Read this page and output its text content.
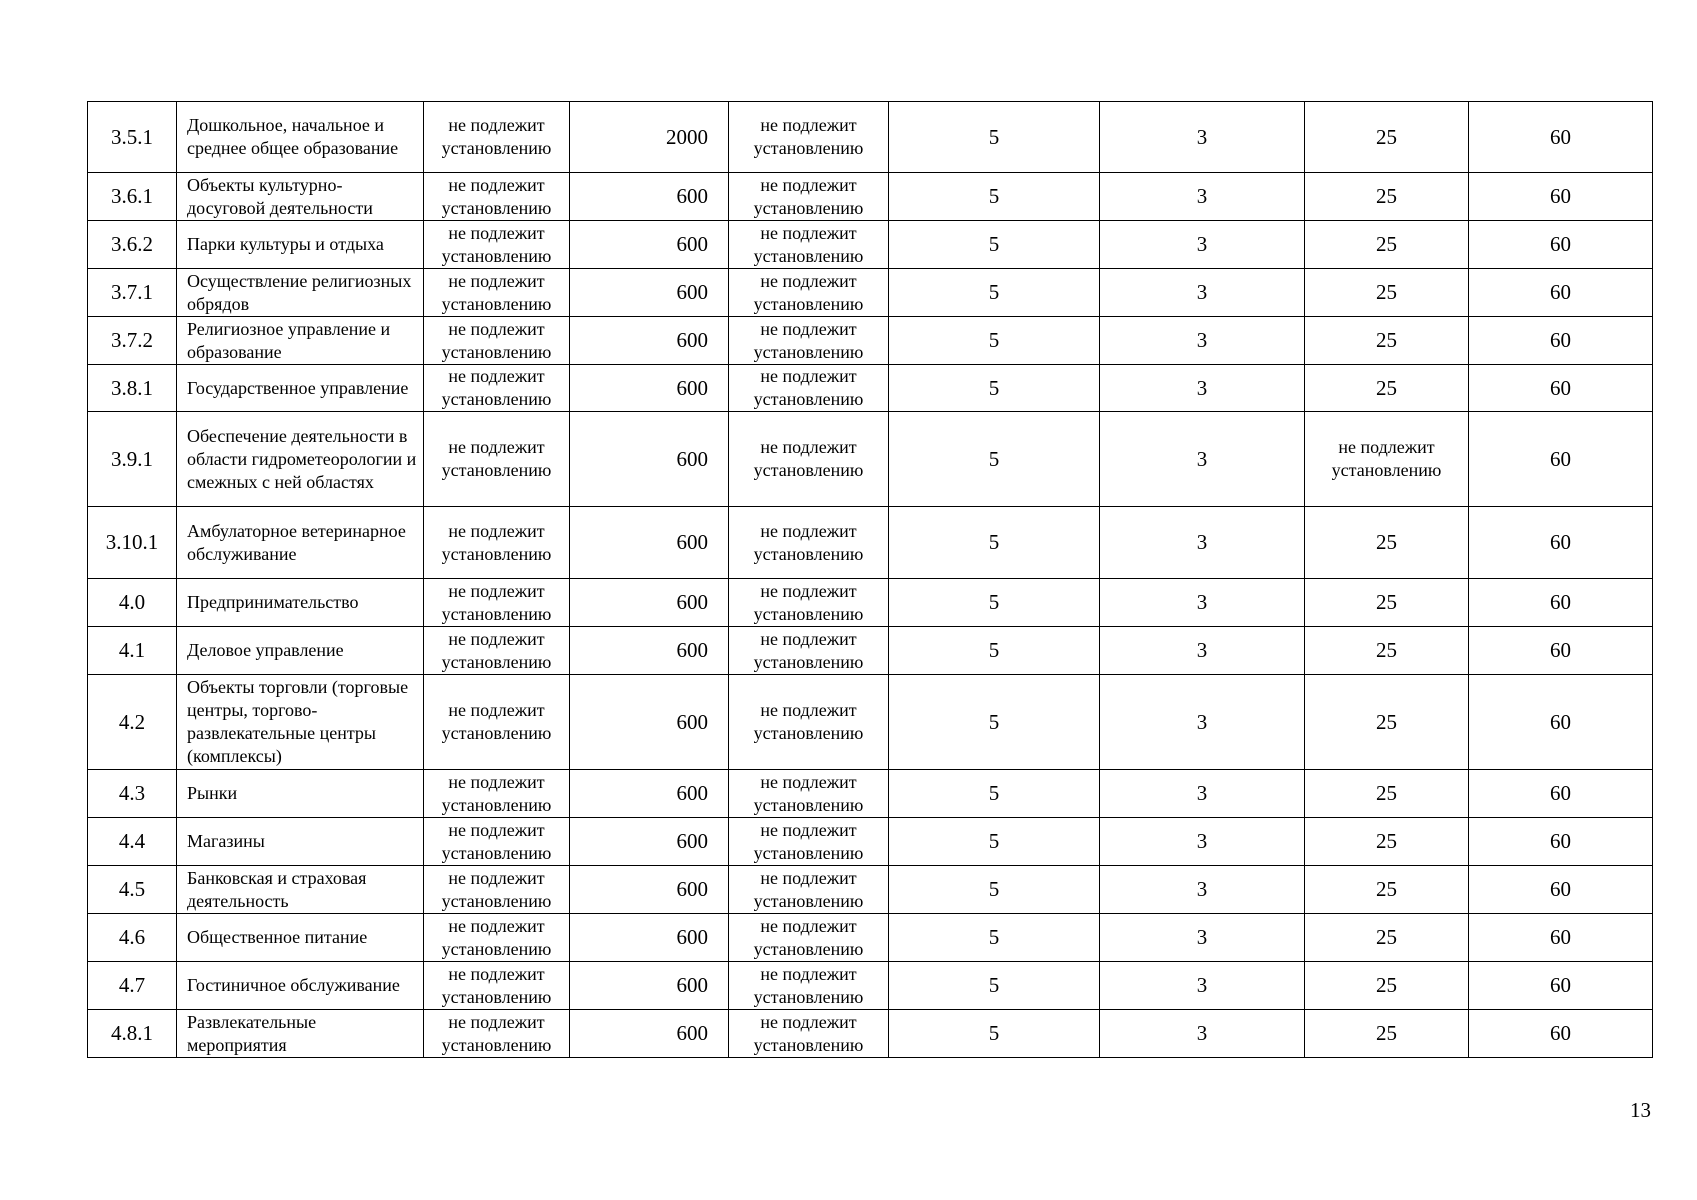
3.5.1	Дошкольное, начальное и среднее общее образование	не подлежит установлению	2000	не подлежит установлению	5	3	25	60
3.6.1	Объекты культурно-досуговой деятельности	не подлежит установлению	600	не подлежит установлению	5	3	25	60
3.6.2	Парки культуры и отдыха	не подлежит установлению	600	не подлежит установлению	5	3	25	60
3.7.1	Осуществление религиозных обрядов	не подлежит установлению	600	не подлежит установлению	5	3	25	60
3.7.2	Религиозное управление и образование	не подлежит установлению	600	не подлежит установлению	5	3	25	60
3.8.1	Государственное управление	не подлежит установлению	600	не подлежит установлению	5	3	25	60
3.9.1	Обеспечение деятельности в области гидрометеорологии и смежных с ней областях	не подлежит установлению	600	не подлежит установлению	5	3	не подлежит установлению	60
3.10.1	Амбулаторное ветеринарное обслуживание	не подлежит установлению	600	не подлежит установлению	5	3	25	60
4.0	Предпринимательство	не подлежит установлению	600	не подлежит установлению	5	3	25	60
4.1	Деловое управление	не подлежит установлению	600	не подлежит установлению	5	3	25	60
4.2	Объекты торговли (торговые центры, торгово-развлекательные центры (комплексы)	не подлежит установлению	600	не подлежит установлению	5	3	25	60
4.3	Рынки	не подлежит установлению	600	не подлежит установлению	5	3	25	60
4.4	Магазины	не подлежит установлению	600	не подлежит установлению	5	3	25	60
4.5	Банковская и страховая деятельность	не подлежит установлению	600	не подлежит установлению	5	3	25	60
4.6	Общественное питание	не подлежит установлению	600	не подлежит установлению	5	3	25	60
4.7	Гостиничное обслуживание	не подлежит установлению	600	не подлежит установлению	5	3	25	60
4.8.1	Развлекательные мероприятия	не подлежит установлению	600	не подлежит установлению	5	3	25	60
13
